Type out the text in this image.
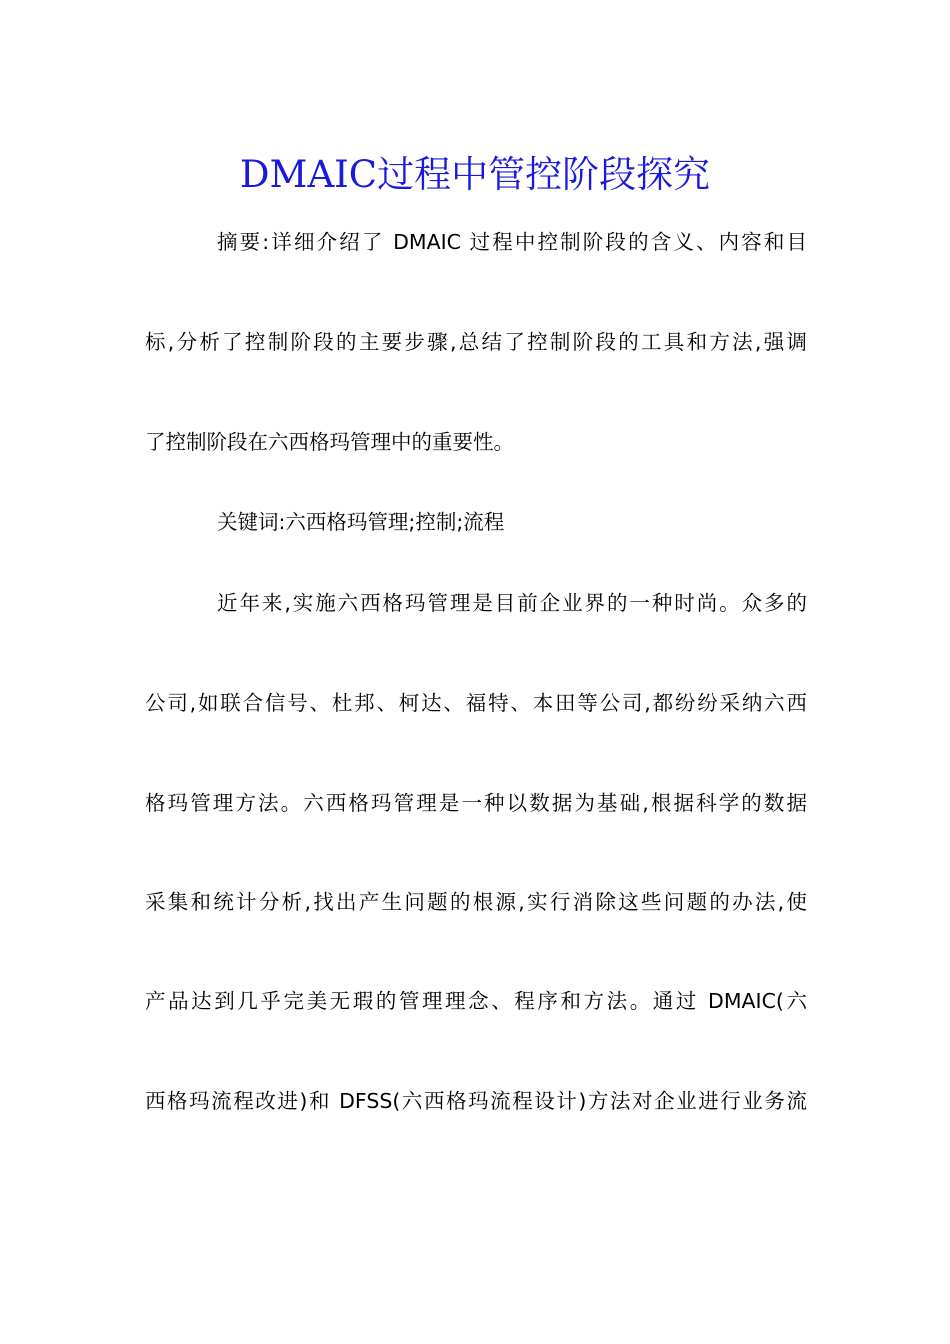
DMAIC过程中管控阶段探究
摘要:详细介绍了 DMAIC 过程中控制阶段的含义、内容和目
标,分析了控制阶段的主要步骤,总结了控制阶段的工具和方法,强调
了控制阶段在六西格玛管理中的重要性。
关键词:六西格玛管理;控制;流程
近年来,实施六西格玛管理是目前企业界的一种时尚。众多的
公司,如联合信号、杜邦、柯达、福特、本田等公司,都纷纷采纳六西
格玛管理方法。六西格玛管理是一种以数据为基础,根据科学的数据
采集和统计分析,找出产生问题的根源,实行消除这些问题的办法,使
产品达到几乎完美无瑕的管理理念、程序和方法。通过 DMAIC(六
西格玛流程改进)和 DFSS(六西格玛流程设计)方法对企业进行业务流
